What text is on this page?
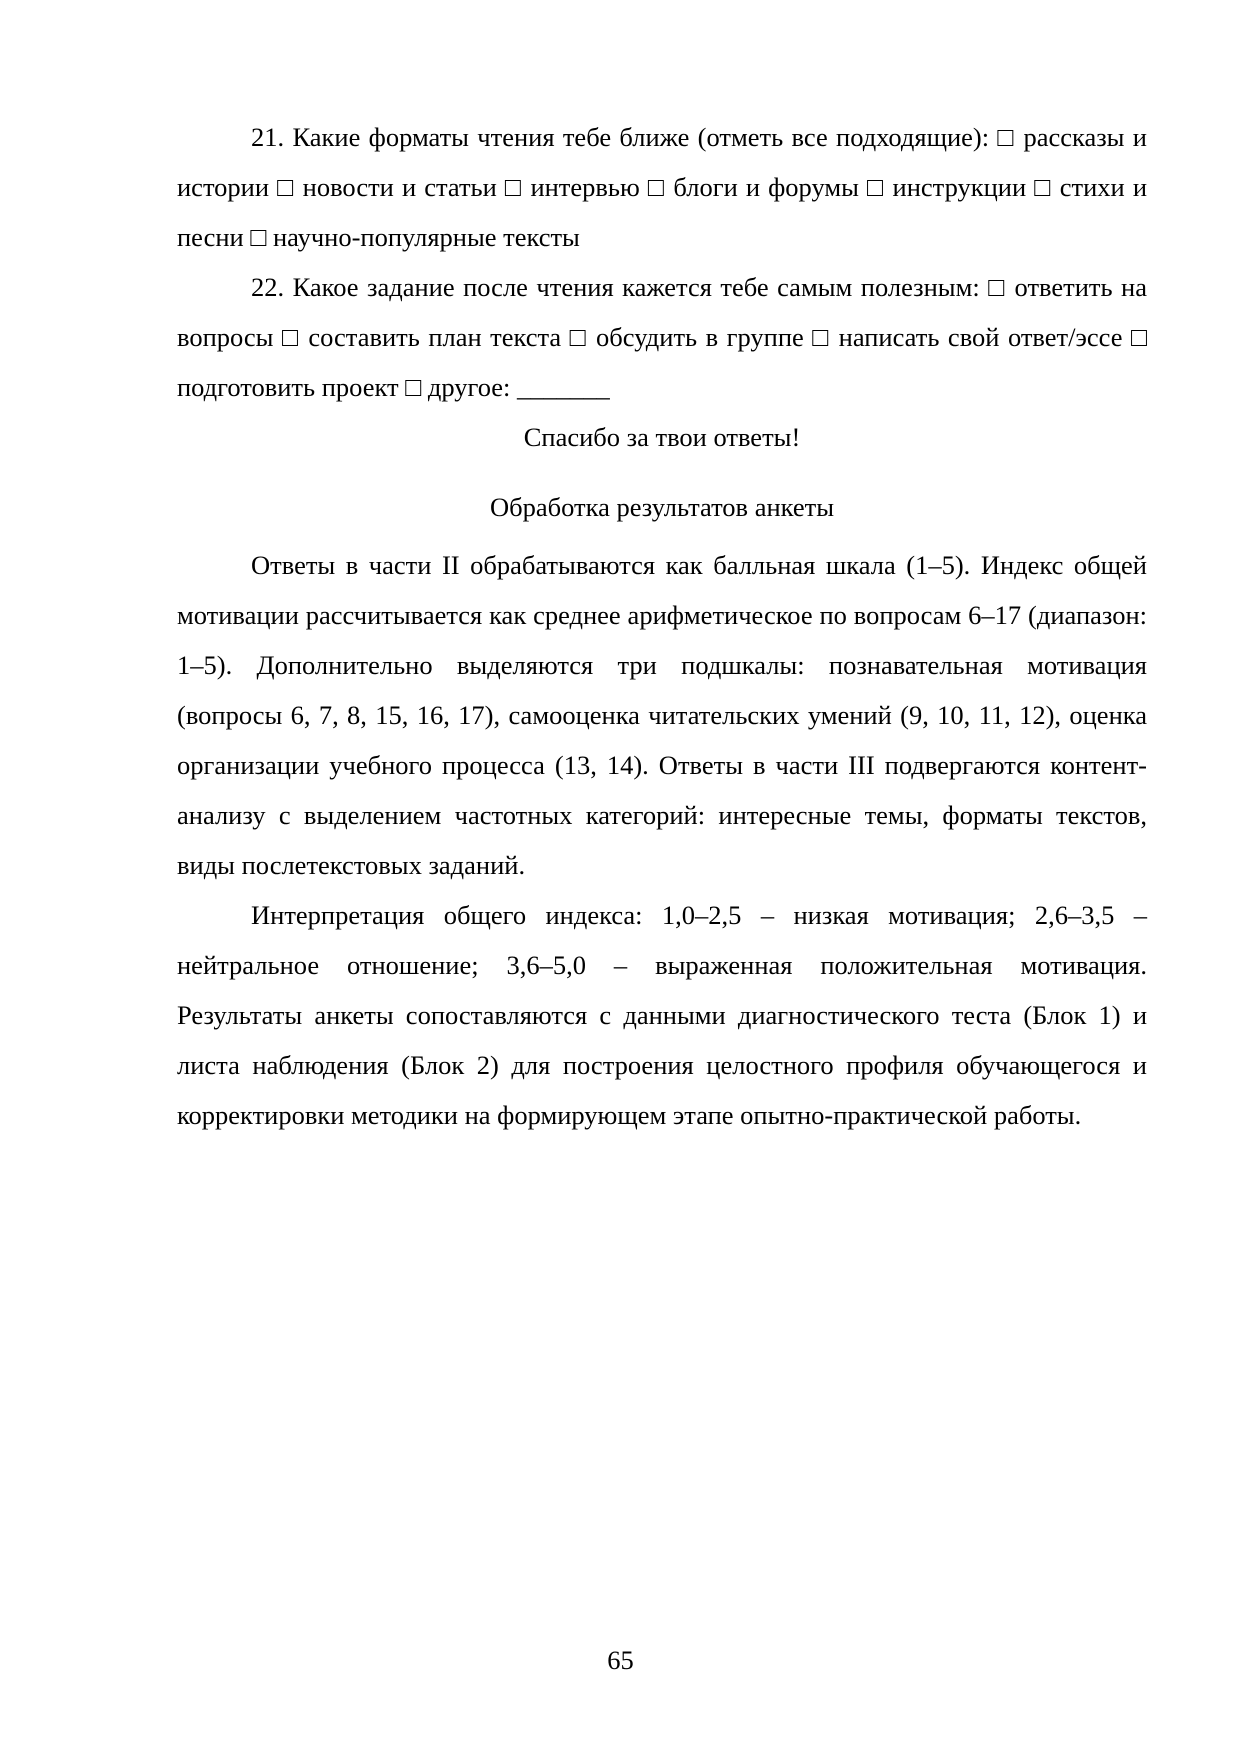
21. Какие форматы чтения тебе ближе (отметь все подходящие): □ рассказы и истории □ новости и статьи □ интервью □ блоги и форумы □ инструкции □ стихи и песни □ научно-популярные тексты

22. Какое задание после чтения кажется тебе самым полезным: □ ответить на вопросы □ составить план текста □ обсудить в группе □ написать свой ответ/эссе □ подготовить проект □ другое: _______

Спасибо за твои ответы!

Обработка результатов анкеты

Ответы в части II обрабатываются как балльная шкала (1–5). Индекс общей мотивации рассчитывается как среднее арифметическое по вопросам 6–17 (диапазон: 1–5). Дополнительно выделяются три подшкалы: познавательная мотивация (вопросы 6, 7, 8, 15, 16, 17), самооценка читательских умений (9, 10, 11, 12), оценка организации учебного процесса (13, 14). Ответы в части III подвергаются контент-анализу с выделением частотных категорий: интересные темы, форматы текстов, виды послетекстовых заданий.

Интерпретация общего индекса: 1,0–2,5 – низкая мотивация; 2,6–3,5 – нейтральное отношение; 3,6–5,0 – выраженная положительная мотивация. Результаты анкеты сопоставляются с данными диагностического теста (Блок 1) и листа наблюдения (Блок 2) для построения целостного профиля обучающегося и корректировки методики на формирующем этапе опытно-практической работы.

65
